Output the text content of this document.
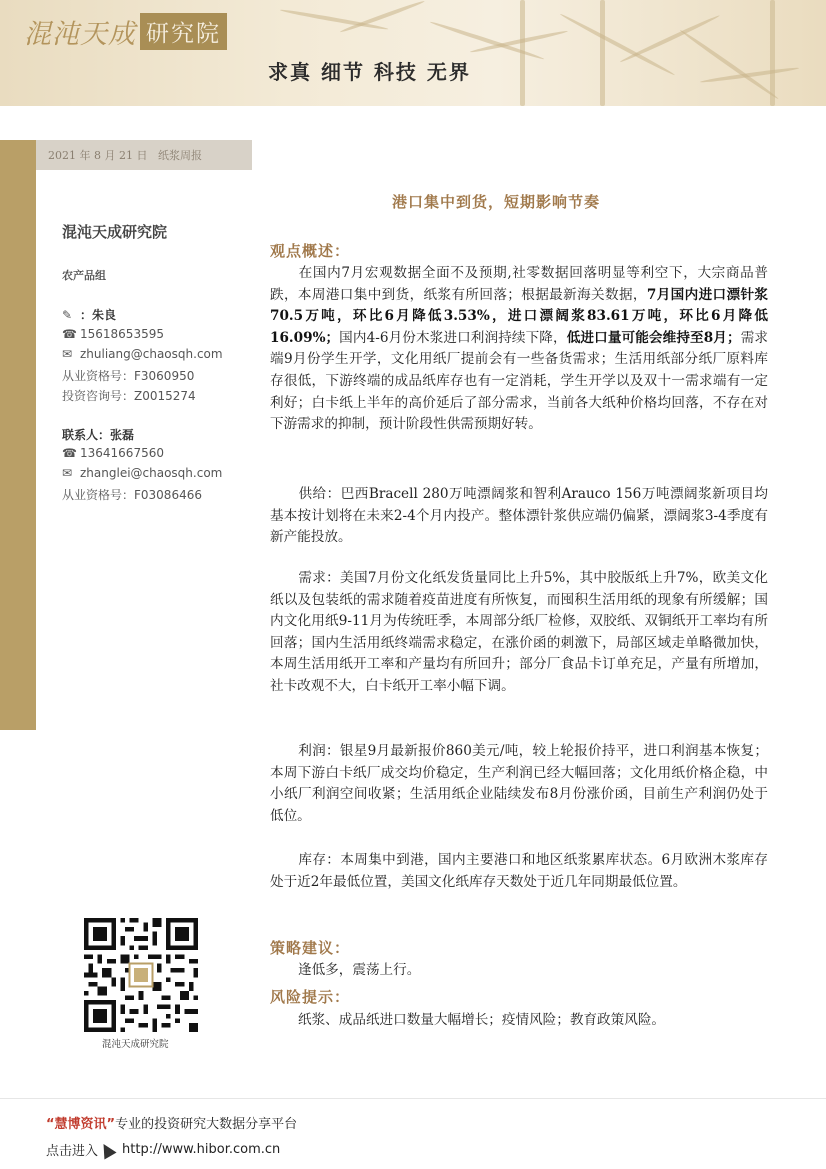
混沌天成 研究院
求真 细节 科技 无界
2021 年 8 月 21 日 纸浆周报
混沌天成研究院
农产品组
✎ ：朱良
☎ 15618653595
✉ zhuliang@chaosqh.com
从业资格号：F3060950
投资咨询号：Z0015274
联系人：张磊
☎ 13641667560
✉ zhanglei@chaosqh.com
从业资格号：F03086466
港口集中到货，短期影响节奏
观点概述：
在国内7月宏观数据全面不及预期,社零数据回落明显等利空下，大宗商品普跌，本周港口集中到货，纸浆有所回落；根据最新海关数据，7月国内进口漂针浆70.5万吨，环比6月降低3.53%，进口漂阔浆83.61万吨，环比6月降低16.09%；国内4-6月份木浆进口利润持续下降，低进口量可能会维持至8月；需求端9月份学生开学，文化用纸厂提前会有一些备货需求；生活用纸部分纸厂原料库存很低，下游终端的成品纸库存也有一定消耗，学生开学以及双十一需求端有一定利好；白卡纸上半年的高价延后了部分需求，当前各大纸种价格均回落，不存在对下游需求的抑制，预计阶段性供需预期好转。
供给：巴西Bracell 280万吨漂阔浆和智利Arauco 156万吨漂阔浆新项目均基本按计划将在未来2-4个月内投产。整体漂针浆供应端仍偏紧，漂阔浆3-4季度有新产能投放。
需求：美国7月份文化纸发货量同比上升5%，其中胶版纸上升7%，欧美文化纸以及包装纸的需求随着疫苗进度有所恢复，而囤积生活用纸的现象有所缓解；国内文化用纸9-11月为传统旺季，本周部分纸厂检修，双胶纸、双铜纸开工率均有所回落；国内生活用纸终端需求稳定，在涨价函的刺激下，局部区域走单略微加快，本周生活用纸开工率和产量均有所回升；部分厂食品卡订单充足，产量有所增加，社卡改观不大，白卡纸开工率小幅下调。
利润：银星9月最新报价860美元/吨，较上轮报价持平，进口利润基本恢复；本周下游白卡纸厂成交均价稳定，生产利润已经大幅回落；文化用纸价格企稳，中小纸厂利润空间收紧；生活用纸企业陆续发布8月份涨价函，目前生产利润仍处于低位。
库存：本周集中到港，国内主要港口和地区纸浆累库状态。6月欧洲木浆库存处于近2年最低位置，美国文化纸库存天数处于近几年同期最低位置。
策略建议：
逢低多，震荡上行。
风险提示：
纸浆、成品纸进口数量大幅增长；疫情风险；教育政策风险。
混沌天成研究院
“慧博资讯”专业的投资研究大数据分享平台
点击进入 http://www.hibor.com.cn
